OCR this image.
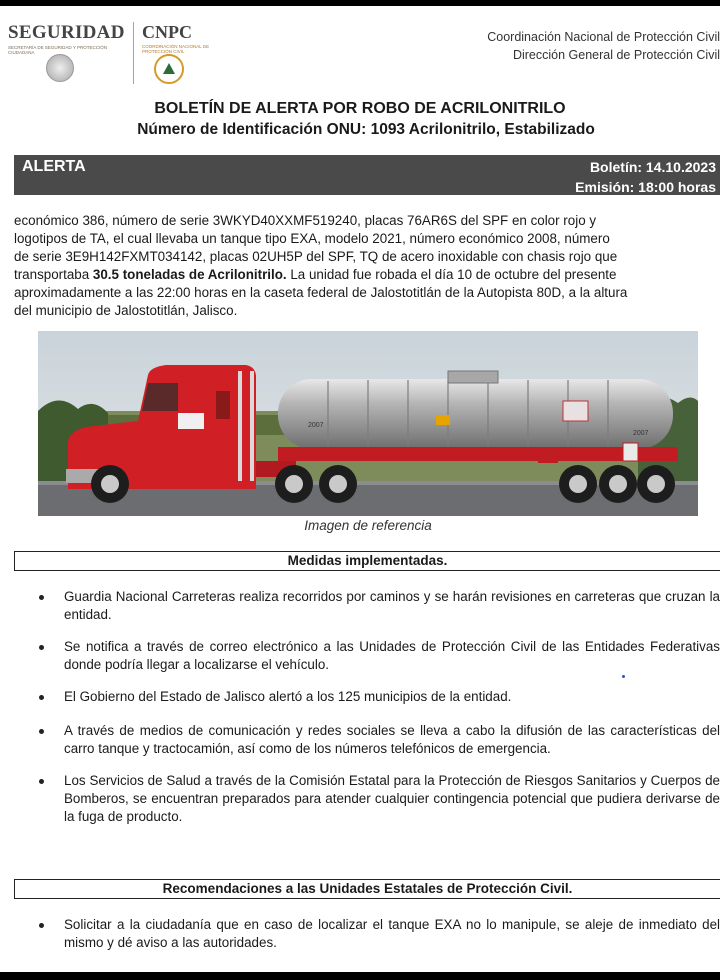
SEGURIDAD
SECRETARÍA DE SEGURIDAD Y PROTECCIÓN CIUDADANA
CNPC
COORDINACIÓN NACIONAL DE PROTECCIÓN CIVIL
Coordinación Nacional de Protección Civil
Dirección General de Protección Civil
BOLETÍN DE ALERTA POR ROBO DE ACRILONITRILO
Número de Identificación ONU: 1093 Acrilonitrilo, Estabilizado
ALERTA	Boletín: 14.10.2023
Emisión: 18:00 horas
económico 386, número de serie 3WKYD40XXMF519240, placas 76AR6S del SPF en color rojo y
logotipos de TA, el cual llevaba un tanque tipo EXA, modelo 2021, número económico 2008, número
de serie 3E9H142FXMT034142, placas 02UH5P del SPF, TQ de acero inoxidable con chasis rojo que
transportaba 30.5 toneladas de Acrilonitrilo. La unidad fue robada el día 10 de octubre del presente
aproximadamente a las 22:00 horas en la caseta federal de Jalostotitlán de la Autopista 80D, a la altura
del municipio de Jalostotitlán, Jalisco.
2007
2007
Imagen de referencia
Medidas implementadas.
Guardia Nacional Carreteras realiza recorridos por caminos y se harán revisiones en carreteras que cruzan la entidad.
Se notifica a través de correo electrónico a las Unidades de Protección Civil de las Entidades Federativas donde podría llegar a localizarse el vehículo.
El Gobierno del Estado de Jalisco alertó a los 125 municipios de la entidad.
A través de medios de comunicación y redes sociales se lleva a cabo la difusión de las características del carro tanque y tractocamión, así como de los números telefónicos de emergencia.
Los Servicios de Salud a través de la Comisión Estatal para la Protección de Riesgos Sanitarios y Cuerpos de Bomberos, se encuentran preparados para atender cualquier contingencia potencial que pudiera derivarse de la fuga de producto.
Recomendaciones a las Unidades Estatales de Protección Civil.
Solicitar a la ciudadanía que en caso de localizar el tanque EXA no lo manipule, se aleje de inmediato del mismo y dé aviso a las autoridades.
